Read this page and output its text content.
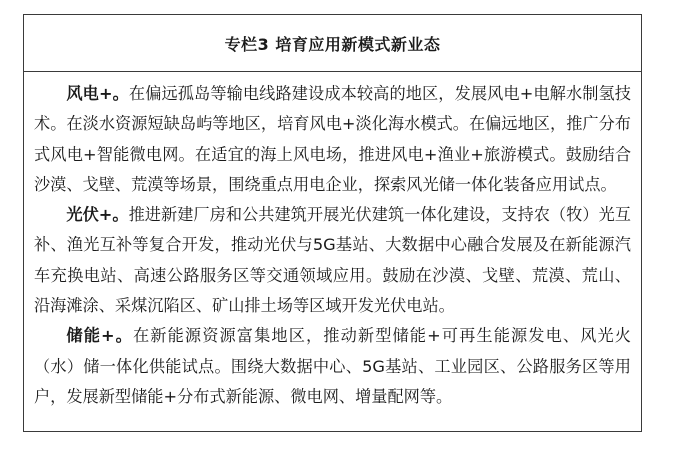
专栏3 培育应用新模式新业态

风电+。在偏远孤岛等输电线路建设成本较高的地区，发展风电+电解水制氢技术。在淡水资源短缺岛屿等地区，培育风电+淡化海水模式。在偏远地区，推广分布式风电+智能微电网。在适宜的海上风电场，推进风电+渔业+旅游模式。鼓励结合沙漠、戈壁、荒漠等场景，围绕重点用电企业，探索风光储一体化装备应用试点。

光伏+。推进新建厂房和公共建筑开展光伏建筑一体化建设，支持农（牧）光互补、渔光互补等复合开发，推动光伏与5G基站、大数据中心融合发展及在新能源汽车充换电站、高速公路服务区等交通领域应用。鼓励在沙漠、戈壁、荒漠、荒山、沿海滩涂、采煤沉陷区、矿山排土场等区域开发光伏电站。

储能+。在新能源资源富集地区，推动新型储能+可再生能源发电、风光火（水）储一体化供能试点。围绕大数据中心、5G基站、工业园区、公路服务区等用户，发展新型储能+分布式新能源、微电网、增量配网等。
